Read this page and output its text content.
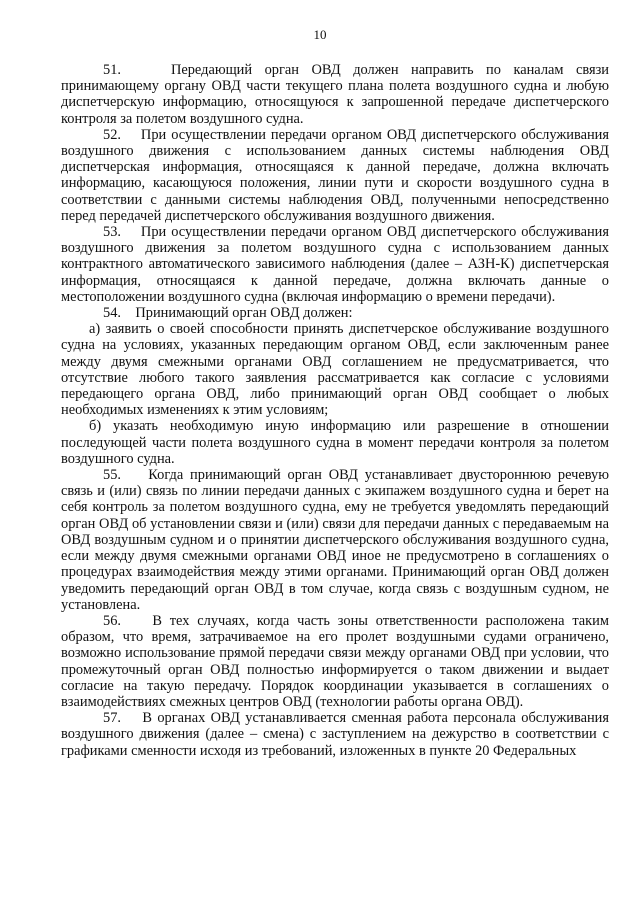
10

51.    Передающий орган ОВД должен направить по каналам связи принимающему органу ОВД части текущего плана полета воздушного судна и любую диспетчерскую информацию, относящуюся к запрошенной передаче диспетчерского контроля за полетом воздушного судна.

52.    При осуществлении передачи органом ОВД диспетчерского обслуживания воздушного движения с использованием данных системы наблюдения ОВД диспетчерская информация, относящаяся к данной передаче, должна включать информацию, касающуюся положения, линии пути и скорости воздушного судна в соответствии с данными системы наблюдения ОВД, полученными непосредственно перед передачей диспетчерского обслуживания воздушного движения.

53.    При осуществлении передачи органом ОВД диспетчерского обслуживания воздушного движения за полетом воздушного судна с использованием данных контрактного автоматического зависимого наблюдения (далее – АЗН-К) диспетчерская информация, относящаяся к данной передаче, должна включать данные о местоположении воздушного судна (включая информацию о времени передачи).

54.    Принимающий орган ОВД должен:

а) заявить о своей способности принять диспетчерское обслуживание воздушного судна на условиях, указанных передающим органом ОВД, если заключенным ранее между двумя смежными органами ОВД соглашением не предусматривается, что отсутствие любого такого заявления рассматривается как согласие с условиями передающего органа ОВД, либо принимающий орган ОВД сообщает о любых необходимых изменениях к этим условиям;

б) указать необходимую иную информацию или разрешение в отношении последующей части полета воздушного судна в момент передачи контроля за полетом воздушного судна.

55.    Когда принимающий орган ОВД устанавливает двустороннюю речевую связь и (или) связь по линии передачи данных с экипажем воздушного судна и берет на себя контроль за полетом воздушного судна, ему не требуется уведомлять передающий орган ОВД об установлении связи и (или) связи для передачи данных с передаваемым на ОВД воздушным судном и о принятии диспетчерского обслуживания воздушного судна, если между двумя смежными органами ОВД иное не предусмотрено в соглашениях о процедурах взаимодействия между этими органами. Принимающий орган ОВД должен уведомить передающий орган ОВД в том случае, когда связь с воздушным судном, не установлена.

56.    В тех случаях, когда часть зоны ответственности расположена таким образом, что время, затрачиваемое на его пролет воздушными судами ограничено, возможно использование прямой передачи связи между органами ОВД при условии, что промежуточный орган ОВД полностью информируется о таком движении и выдает согласие на такую передачу. Порядок координации указывается в соглашениях о взаимодействиях смежных центров ОВД (технологии работы органа ОВД).

57.    В органах ОВД устанавливается сменная работа персонала обслуживания воздушного движения (далее – смена) с заступлением на дежурство в соответствии с графиками сменности исходя из требований, изложенных в пункте 20 Федеральных
